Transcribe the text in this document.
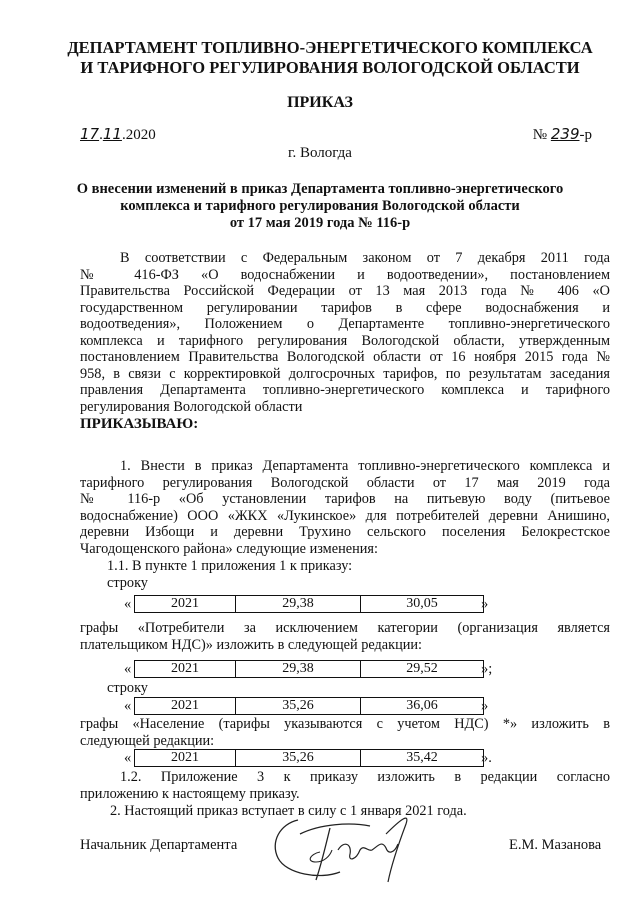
ДЕПАРТАМЕНТ ТОПЛИВНО-ЭНЕРГЕТИЧЕСКОГО КОМПЛЕКСА
И ТАРИФНОГО РЕГУЛИРОВАНИЯ ВОЛОГОДСКОЙ ОБЛАСТИ
ПРИКАЗ
17.11.2020	№ 239-р
г. Вологда
О внесении изменений в приказ Департамента топливно-энергетического
комплекса и тарифного регулирования Вологодской области
от 17 мая 2019 года № 116-р
В соответствии с Федеральным законом от 7 декабря 2011 года
№ 416-ФЗ «О водоснабжении и водоотведении», постановлением
Правительства Российской Федерации от 13 мая 2013 года № 406 «О
государственном регулировании тарифов в сфере водоснабжения и
водоотведения», Положением о Департаменте топливно-энергетического
комплекса и тарифного регулирования Вологодской области, утвержденным
постановлением Правительства Вологодской области от 16 ноября 2015 года №
958, в связи с корректировкой долгосрочных тарифов, по результатам заседания
правления Департамента топливно-энергетического комплекса и тарифного
регулирования Вологодской области
ПРИКАЗЫВАЮ:
1. Внести в приказ Департамента топливно-энергетического комплекса и
тарифного регулирования Вологодской области от 17 мая 2019 года
№ 116-р «Об установлении тарифов на питьевую воду (питьевое
водоснабжение) ООО «ЖКХ «Лукинское» для потребителей деревни Анишино,
деревни Избощи и деревни Трухино сельского поселения Белокрестское
Чагодощенского района» следующие изменения:
1.1. В пункте 1 приложения 1 к приказу:
строку
«	2021	29,38	30,05	»
графы «Потребители за исключением категории (организация является
плательщиком НДС)» изложить в следующей редакции:
«	2021	29,38	29,52	»;
строку
«	2021	35,26	36,06	»
графы «Население (тарифы указываются с учетом НДС) *» изложить в
следующей редакции:
«	2021	35,26	35,42	».
1.2. Приложение 3 к приказу изложить в редакции согласно
приложению к настоящему приказу.
2. Настоящий приказ вступает в силу с 1 января 2021 года.
Начальник Департамента	Е.М. Мазанова
